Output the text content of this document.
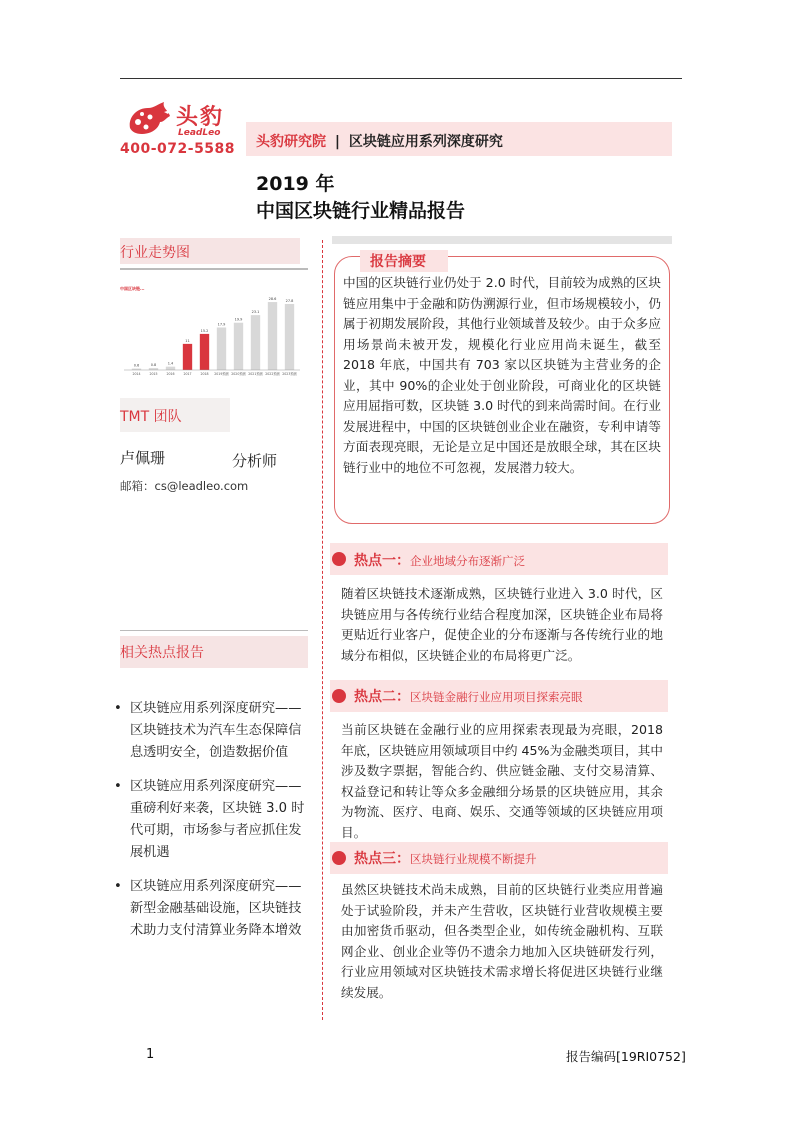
头豹
LeadLeo
400-072-5588 头豹研究院 | 区块链应用系列深度研究
2019 年
中国区块链行业精品报告
行业走势图
中国区块链...
0.6
2014
0.8
2015
1.4
2016
11
2017
15.2
2018
17.9
2019预测
19.9
2020预测
23.1
2021预测
28.6
2022预测
27.8
2023预测
TMT 团队
卢佩珊	分析师
邮箱：cs@leadleo.com
相关热点报告
• 区块链应用系列深度研究——区块链技术为汽车生态保障信息透明安全，创造数据价值
• 区块链应用系列深度研究——重磅利好来袭，区块链 3.0 时代可期，市场参与者应抓住发展机遇
• 区块链应用系列深度研究——新型金融基础设施，区块链技术助力支付清算业务降本增效
报告摘要
中国的区块链行业仍处于 2.0 时代，目前较为成熟的区块链应用集中于金融和防伪溯源行业，但市场规模较小，仍属于初期发展阶段，其他行业领域普及较少。由于众多应用场景尚未被开发，规模化行业应用尚未诞生，截至 2018 年底，中国共有 703 家以区块链为主营业务的企业，其中 90%的企业处于创业阶段，可商业化的区块链应用屈指可数，区块链 3.0 时代的到来尚需时间。在行业发展进程中，中国的区块链创业企业在融资，专利申请等方面表现亮眼，无论是立足中国还是放眼全球，其在区块链行业中的地位不可忽视，发展潜力较大。
热点一：企业地域分布逐渐广泛
随着区块链技术逐渐成熟，区块链行业进入 3.0 时代，区块链应用与各传统行业结合程度加深，区块链企业布局将更贴近行业客户，促使企业的分布逐渐与各传统行业的地域分布相似，区块链企业的布局将更广泛。
热点二：区块链金融行业应用项目探索亮眼
当前区块链在金融行业的应用探索表现最为亮眼，2018 年底，区块链应用领域项目中约 45%为金融类项目，其中涉及数字票据，智能合约、供应链金融、支付交易清算、权益登记和转让等众多金融细分场景的区块链应用，其余为物流、医疗、电商、娱乐、交通等领域的区块链应用项目。
热点三：区块链行业规模不断提升
虽然区块链技术尚未成熟，目前的区块链行业类应用普遍处于试验阶段，并未产生营收，区块链行业营收规模主要由加密货币驱动，但各类型企业，如传统金融机构、互联网企业、创业企业等仍不遗余力地加入区块链研发行列，行业应用领域对区块链技术需求增长将促进区块链行业继续发展。
1	报告编码[19RI0752]
